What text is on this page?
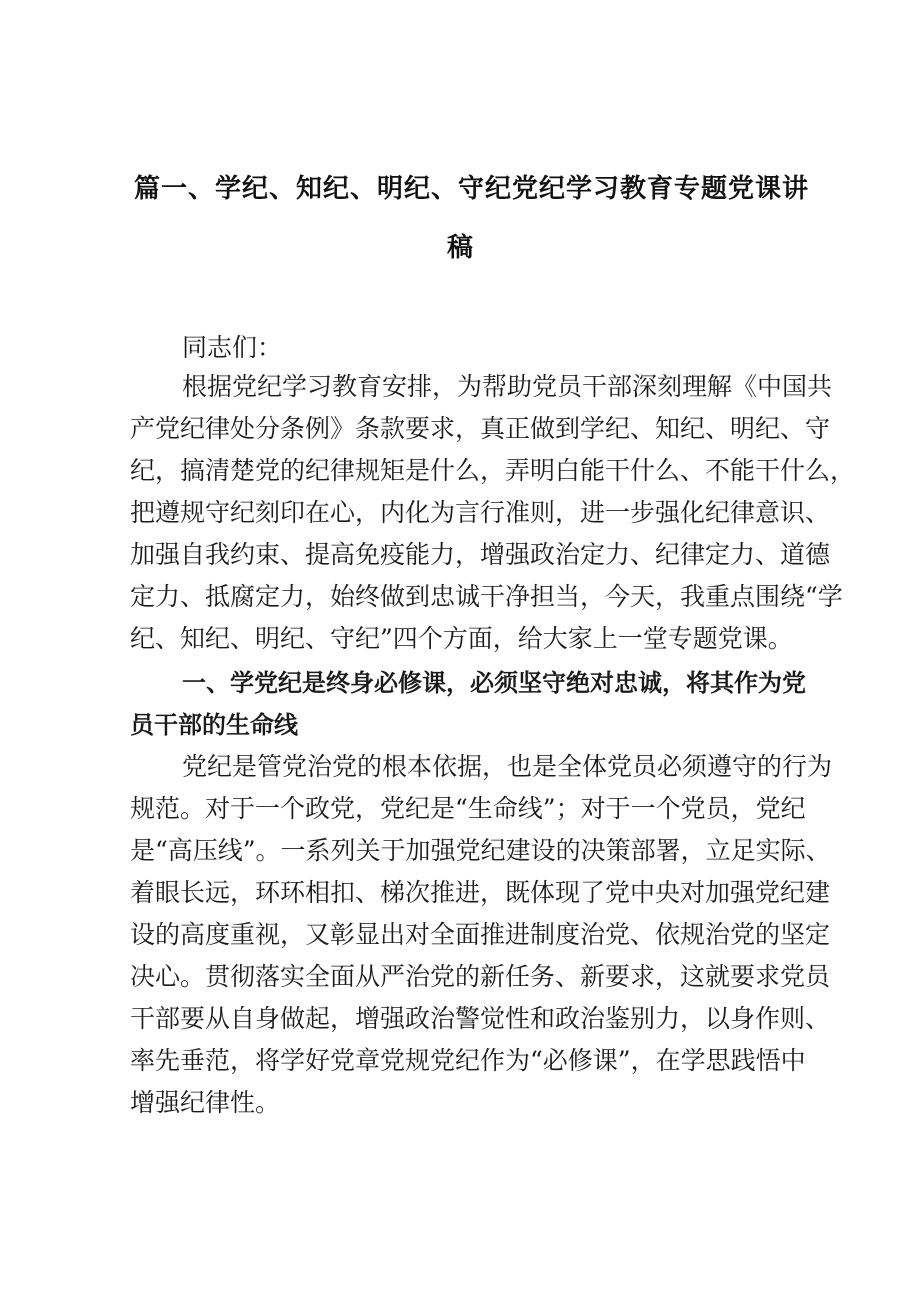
篇一、学纪、知纪、明纪、守纪党纪学习教育专题党课讲
稿
同志们：
根据党纪学习教育安排，为帮助党员干部深刻理解《中国共
产党纪律处分条例》条款要求，真正做到学纪、知纪、明纪、守
纪，搞清楚党的纪律规矩是什么，弄明白能干什么、不能干什么，
把遵规守纪刻印在心，内化为言行准则，进一步强化纪律意识、
加强自我约束、提高免疫能力，增强政治定力、纪律定力、道德
定力、抵腐定力，始终做到忠诚干净担当，今天，我重点围绕“学
纪、知纪、明纪、守纪”四个方面，给大家上一堂专题党课。
一、学党纪是终身必修课，必须坚守绝对忠诚，将其作为党
员干部的生命线
党纪是管党治党的根本依据，也是全体党员必须遵守的行为
规范。对于一个政党，党纪是“生命线”；对于一个党员，党纪
是“高压线”。一系列关于加强党纪建设的决策部署，立足实际、
着眼长远，环环相扣、梯次推进，既体现了党中央对加强党纪建
设的高度重视，又彰显出对全面推进制度治党、依规治党的坚定
决心。贯彻落实全面从严治党的新任务、新要求，这就要求党员
干部要从自身做起，增强政治警觉性和政治鉴别力，以身作则、
率先垂范，将学好党章党规党纪作为“必修课”，在学思践悟中
增强纪律性。
